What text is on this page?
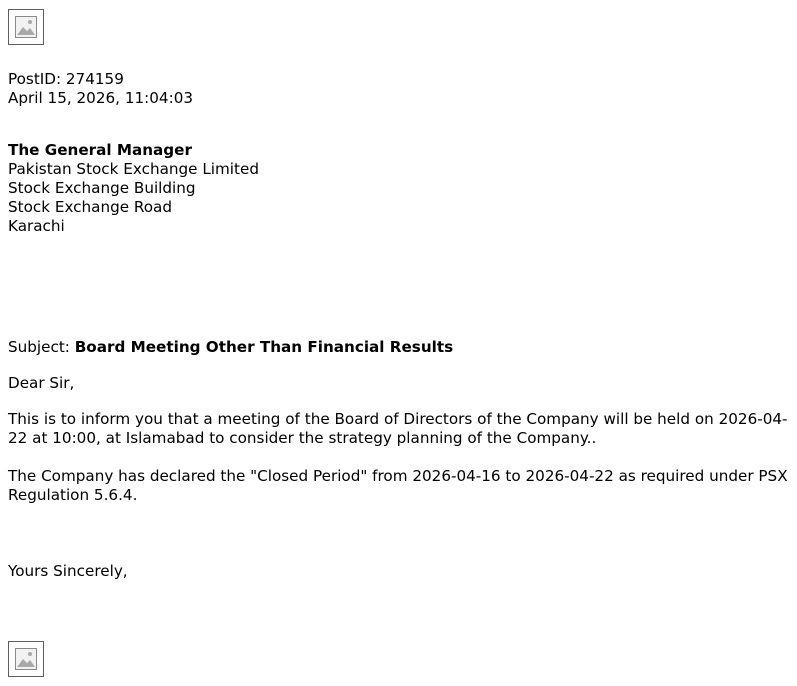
PostID: 274159
April 15, 2026, 11:04:03
The General Manager
Pakistan Stock Exchange Limited
Stock Exchange Building
Stock Exchange Road
Karachi
Subject: Board Meeting Other Than Financial Results
Dear Sir,
This is to inform you that a meeting of the Board of Directors of the Company will be held on 2026-04-22 at 10:00, at Islamabad to consider the strategy planning of the Company..
The Company has declared the "Closed Period" from 2026-04-16 to 2026-04-22 as required under PSX Regulation 5.6.4.
Yours Sincerely,
